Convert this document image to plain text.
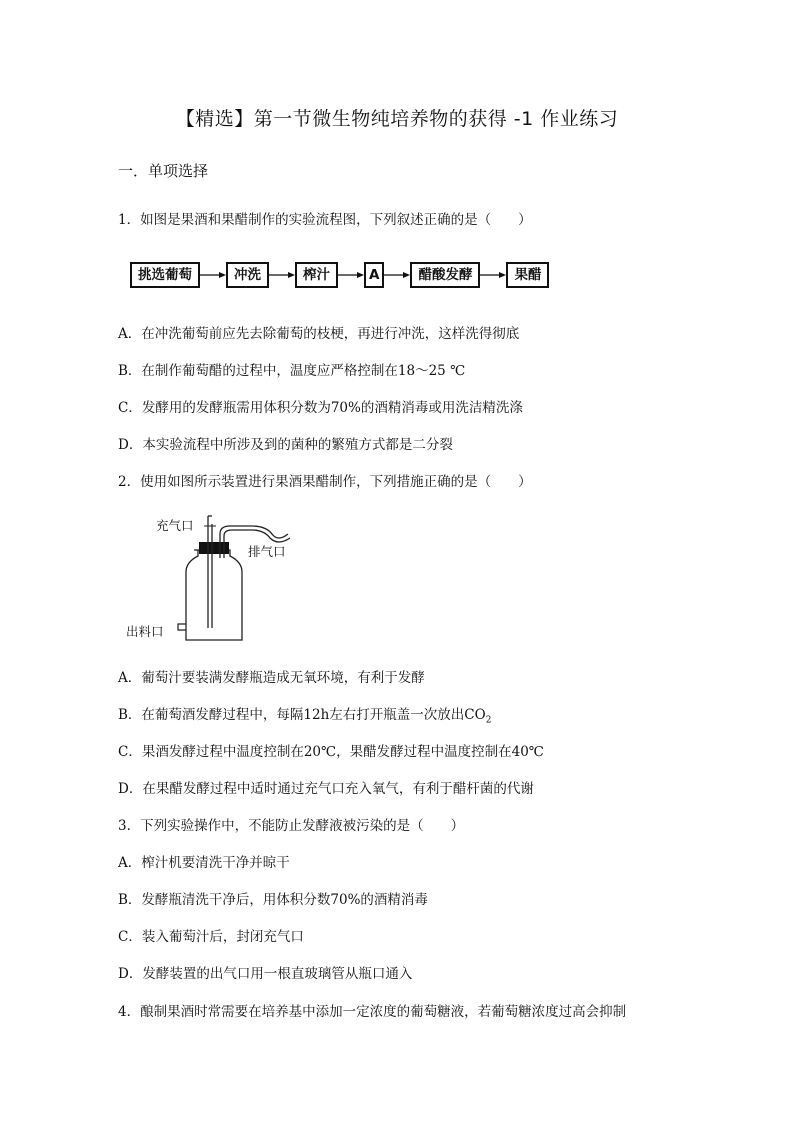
【精选】第一节微生物纯培养物的获得 -1 作业练习
一．单项选择
1．如图是果酒和果醋制作的实验流程图，下列叙述正确的是（　　）
挑选葡萄	冲洗	榨汁	A	醋酸发酵	果醋
A．在冲洗葡萄前应先去除葡萄的枝梗，再进行冲洗，这样洗得彻底
B．在制作葡萄醋的过程中，温度应严格控制在18～25 ℃
C．发酵用的发酵瓶需用体积分数为70%的酒精消毒或用洗洁精洗涤
D．本实验流程中所涉及到的菌种的繁殖方式都是二分裂
2．使用如图所示装置进行果酒果醋制作，下列措施正确的是（　　）
充气口
排气口
出料口
A．葡萄汁要装满发酵瓶造成无氧环境，有利于发酵
B．在葡萄酒发酵过程中，每隔12h左右打开瓶盖一次放出$CO_2$
C．果酒发酵过程中温度控制在20℃，果醋发酵过程中温度控制在40℃
D．在果醋发酵过程中适时通过充气口充入氧气，有利于醋杆菌的代谢
3．下列实验操作中，不能防止发酵液被污染的是（　　）
A．榨汁机要清洗干净并晾干
B．发酵瓶清洗干净后，用体积分数70%的酒精消毒
C．装入葡萄汁后，封闭充气口
D．发酵装置的出气口用一根直玻璃管从瓶口通入
4．酿制果酒时常需要在培养基中添加一定浓度的葡萄糖液，若葡萄糖浓度过高会抑制
